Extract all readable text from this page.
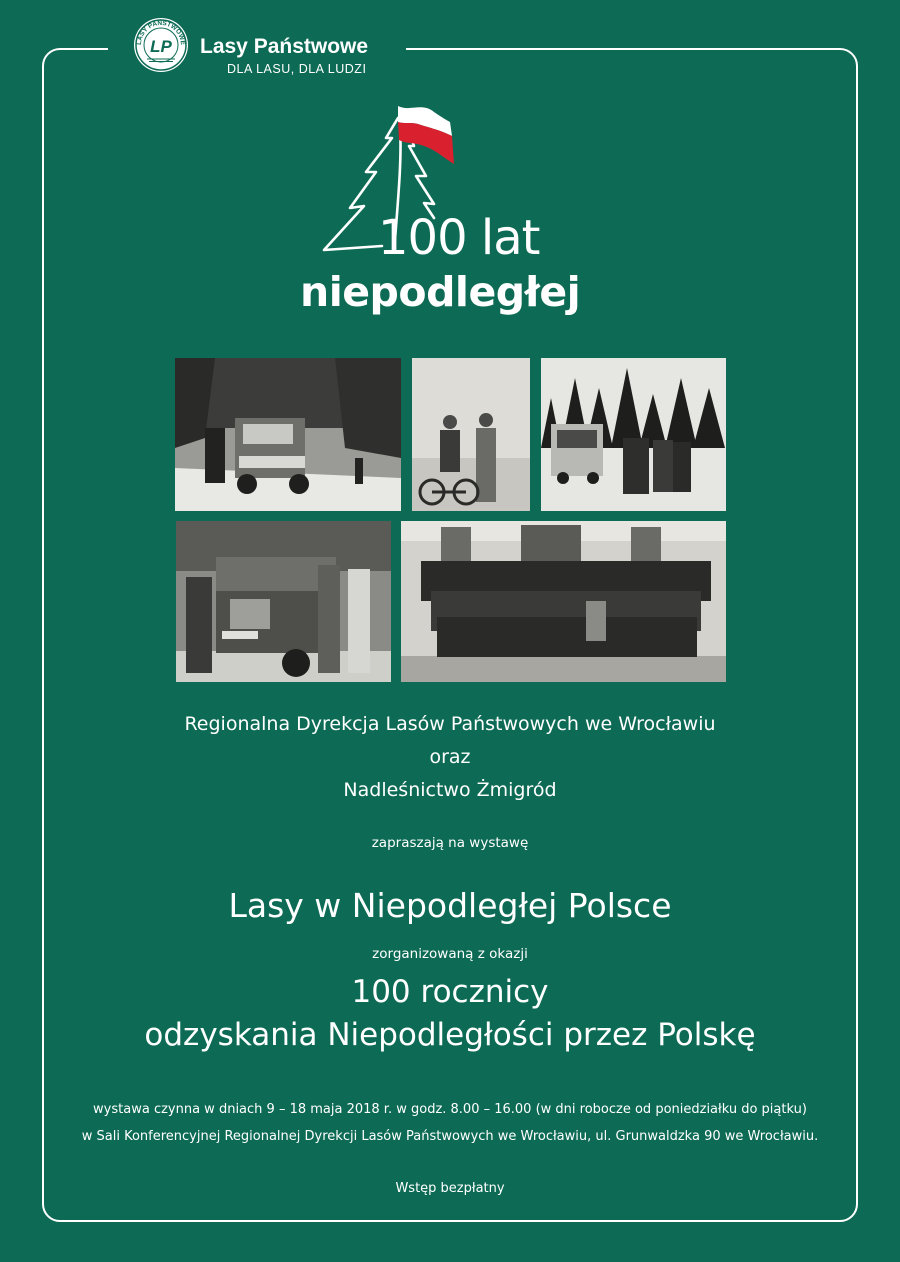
LASY PAŃSTWOWE
LP Lasy Państwowe
DLA LASU, DLA LUDZI
100 lat
niepodległej
Regionalna Dyrekcja Lasów Państwowych we Wrocławiu
oraz
Nadleśnictwo Żmigród
zapraszają na wystawę
Lasy w Niepodległej Polsce
zorganizowaną z okazji
100 rocznicy
odzyskania Niepodległości przez Polskę
wystawa czynna w dniach 9 – 18 maja 2018 r. w godz. 8.00 – 16.00 (w dni robocze od poniedziałku do piątku)
w Sali Konferencyjnej Regionalnej Dyrekcji Lasów Państwowych we Wrocławiu, ul. Grunwaldzka 90 we Wrocławiu.
Wstęp bezpłatny
